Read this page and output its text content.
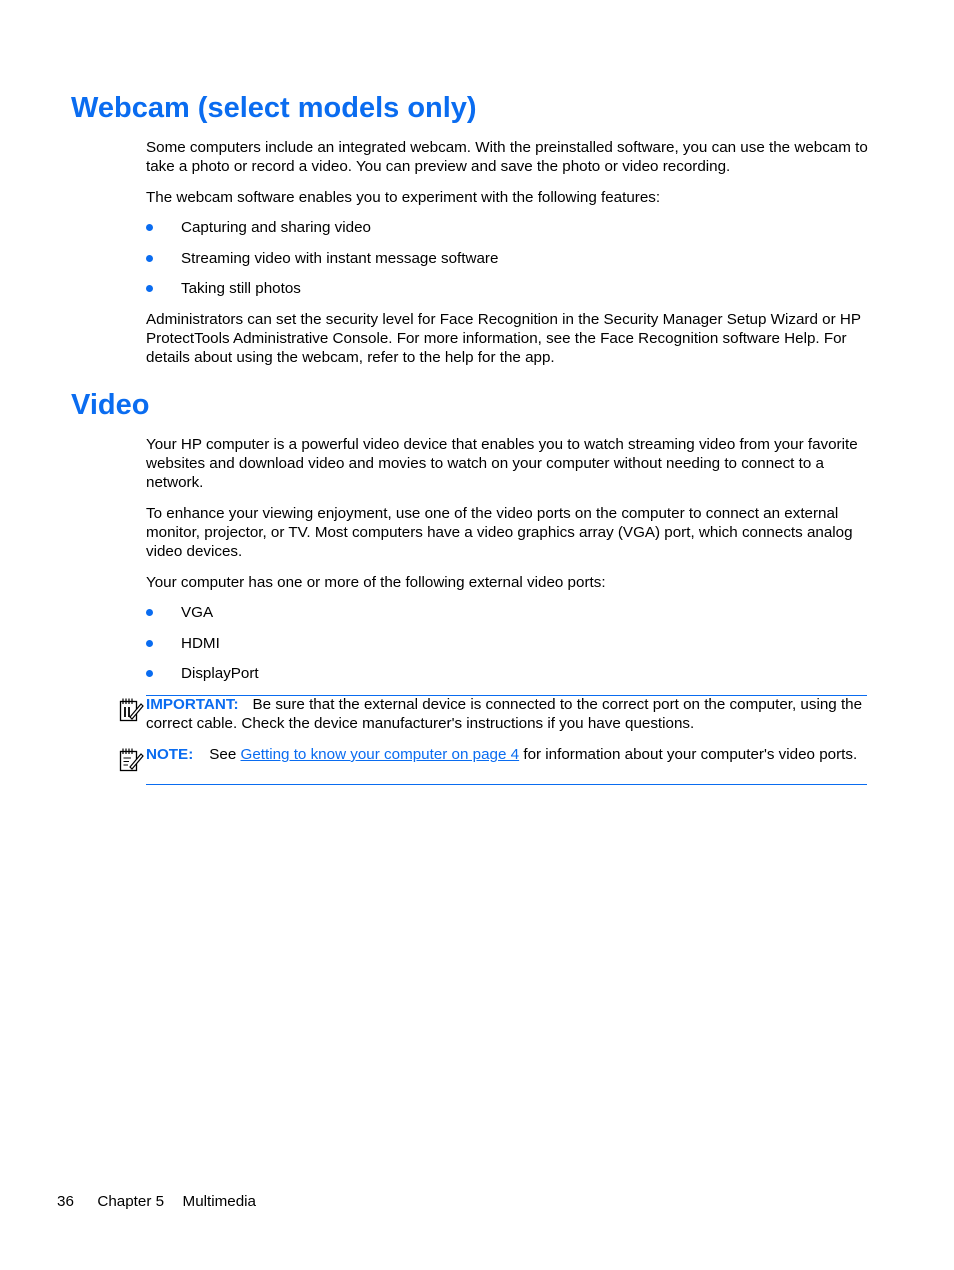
Webcam (select models only)

Some computers include an integrated webcam. With the preinstalled software, you can use the webcam to take a photo or record a video. You can preview and save the photo or video recording.

The webcam software enables you to experiment with the following features:

Capturing and sharing video
Streaming video with instant message software
Taking still photos

Administrators can set the security level for Face Recognition in the Security Manager Setup Wizard or HP ProtectTools Administrative Console. For more information, see the Face Recognition software Help. For details about using the webcam, refer to the help for the app.

Video

Your HP computer is a powerful video device that enables you to watch streaming video from your favorite websites and download video and movies to watch on your computer without needing to connect to a network.

To enhance your viewing enjoyment, use one of the video ports on the computer to connect an external monitor, projector, or TV. Most computers have a video graphics array (VGA) port, which connects analog video devices.

Your computer has one or more of the following external video ports:

VGA
HDMI
DisplayPort
IMPORTANT: Be sure that the external device is connected to the correct port on the computer, using the correct cable. Check the device manufacturer's instructions if you have questions.
NOTE: See Getting to know your computer on page 4 for information about your computer's video ports.
36 Chapter 5 Multimedia
